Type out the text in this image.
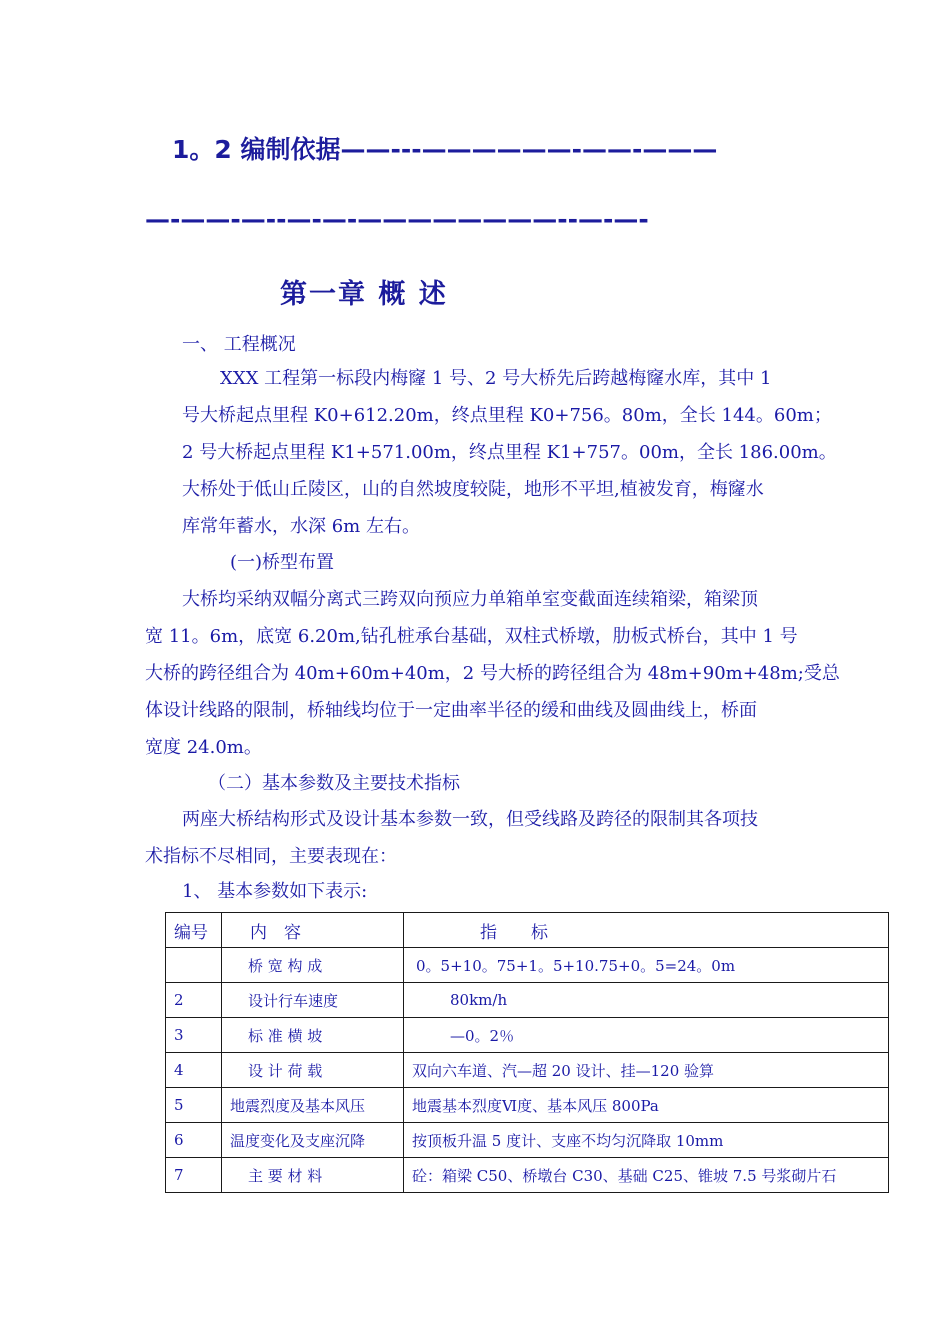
1。2 编制依据——---——————-——-———
—-——-—--—-—-————————--—-—-
第一章 概 述
一、 工程概况
XXX 工程第一标段内梅窿 1 号、2 号大桥先后跨越梅窿水库，其中 1
号大桥起点里程 K0+612.20m，终点里程 K0+756。80m，全长 144。60m；
2 号大桥起点里程 K1+571.00m，终点里程 K1+757。00m，全长 186.00m。
大桥处于低山丘陵区，山的自然坡度较陡，地形不平坦,植被发育，梅窿水
库常年蓄水，水深 6m 左右。
(一)桥型布置
大桥均采纳双幅分离式三跨双向预应力单箱单室变截面连续箱梁，箱梁顶
宽 11。6m，底宽 6.20m,钻孔桩承台基础，双柱式桥墩，肋板式桥台，其中 1 号
大桥的跨径组合为 40m+60m+40m，2 号大桥的跨径组合为 48m+90m+48m;受总
体设计线路的限制，桥轴线均位于一定曲率半径的缓和曲线及圆曲线上，桥面
宽度 24.0m。
（二）基本参数及主要技术指标
两座大桥结构形式及设计基本参数一致，但受线路及跨径的限制其各项技
术指标不尽相同，主要表现在：
1、 基本参数如下表示:
编号	内　容	指　　标
	桥 宽 构 成	0。5+10。75+1。5+10.75+0。5=24。0m
2	设计行车速度	80km/h
3	标 准 横 坡	—0。2％
4	设 计 荷 载	双向六车道、汽—超 20 设计、挂—120 验算
5	地震烈度及基本风压	地震基本烈度Ⅵ度、基本风压 800Pa
6	温度变化及支座沉降	按顶板升温 5 度计、支座不均匀沉降取 10mm
7	主 要 材 料	砼：箱梁 C50、桥墩台 C30、基础 C25、锥坡 7.5 号浆砌片石
